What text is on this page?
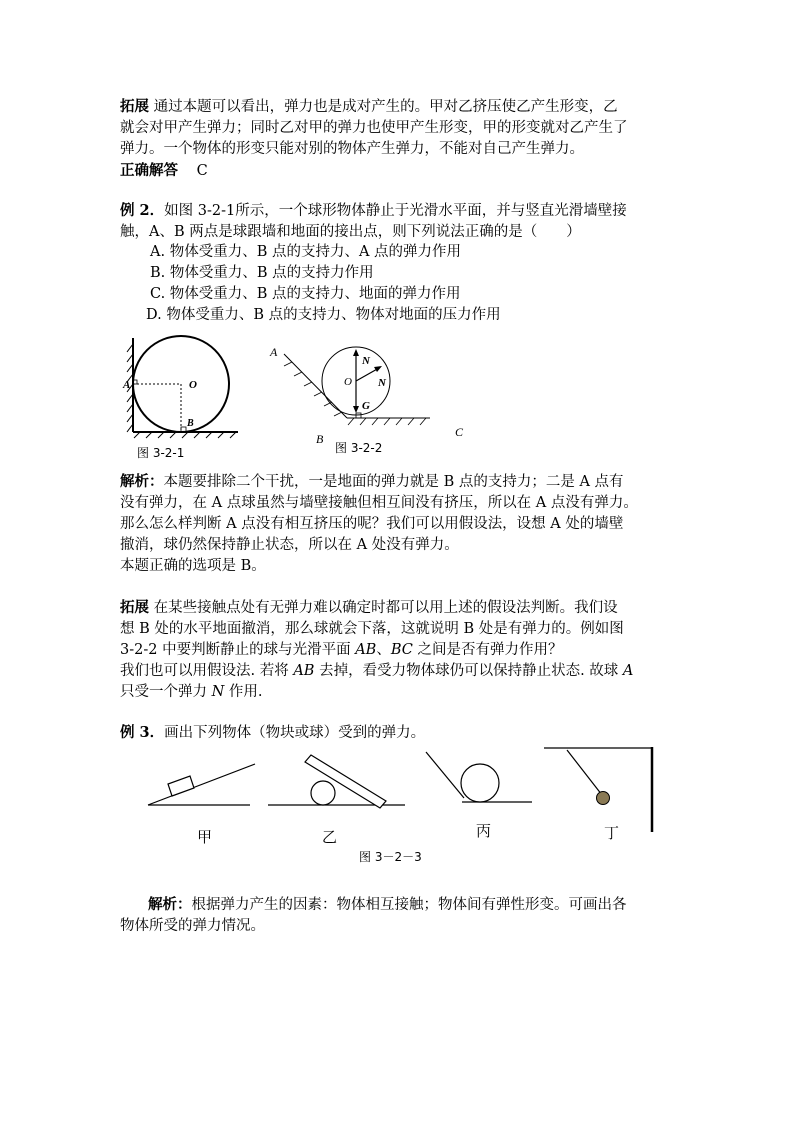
拓展 通过本题可以看出，弹力也是成对产生的。甲对乙挤压使乙产生形变，乙
就会对甲产生弹力；同时乙对甲的弹力也使甲产生形变，甲的形变就对乙产生了
弹力。一个物体的形变只能对别的物体产生弹力，不能对自己产生弹力。

正确解答 C

例 2．如图 3-2-1所示，一个球形物体静止于光滑水平面，并与竖直光滑墙壁接
触，A、B 两点是球跟墙和地面的接出点，则下列说法正确的是（　　）

A. 物体受重力、B 点的支持力、A 点的弹力作用
B. 物体受重力、B 点的支持力作用
C. 物体受重力、B 点的支持力、地面的弹力作用
D. 物体受重力、B 点的支持力、物体对地面的压力作用
A	O
B
图 3-2-1
A
B	C
O
N
N
G
图 3-2-2

解析：本题要排除二个干扰，一是地面的弹力就是 B 点的支持力；二是 A 点有
没有弹力，在 A 点球虽然与墙壁接触但相互间没有挤压，所以在 A 点没有弹力。
那么怎么样判断 A 点没有相互挤压的呢？我们可以用假设法，设想 A 处的墙壁
撤消，球仍然保持静止状态，所以在 A 处没有弹力。
本题正确的选项是 B。

拓展 在某些接触点处有无弹力难以确定时都可以用上述的假设法判断。我们设
想 B 处的水平地面撤消，那么球就会下落，这就说明 B 处是有弹力的。例如图
3-2-2 中要判断静止的球与光滑平面 AB、BC 之间是否有弹力作用？
我们也可以用假设法. 若将 AB 去掉，看受力物体球仍可以保持静止状态. 故球 A
只受一个弹力 N 作用.

例 3．画出下列物体（物块或球）受到的弹力。

甲	乙	丙	丁
图 3－2－3

解析：根据弹力产生的因素：物体相互接触；物体间有弹性形变。可画出各
物体所受的弹力情况。
